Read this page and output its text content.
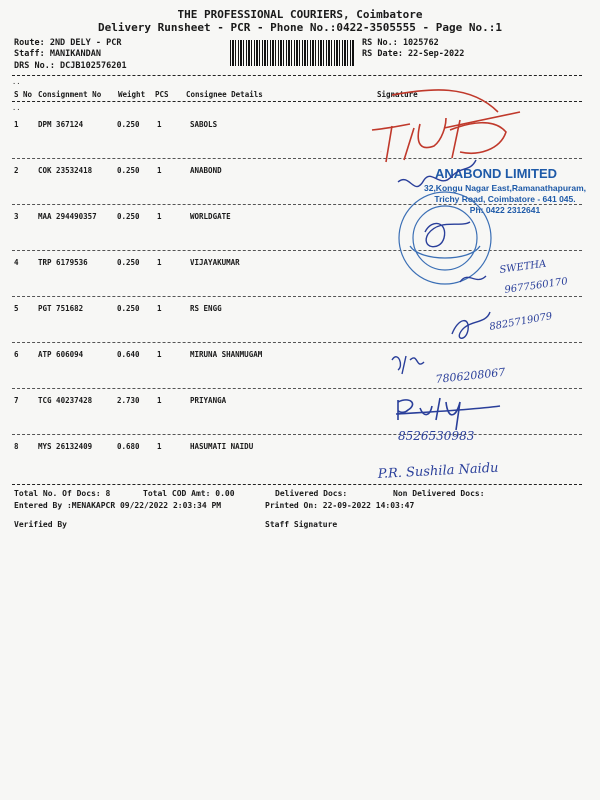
THE PROFESSIONAL COURIERS, Coimbatore
Delivery Runsheet - PCR - Phone No.:0422-3505555 - Page No.:1
Route: 2ND DELY - PCR
Staff: MANIKANDAN
DRS No.: DCJB102576201
RS No.: 1025762
RS Date: 22-Sep-2022
..
S No Consignment No Weight PCS Consignee Details	Signature
..
1	DPM 367124	0.250 1	SABOLS
2	COK 23532418	0.250 1	ANABOND
3	MAA 294490357	0.250 1	WORLDGATE
4	TRP 6179536	0.250 1	VIJAYAKUMAR
5	PGT 751682	0.250 1	RS ENGG
6	ATP 606094	0.640 1	MIRUNA SHANMUGAM
7	TCG 40237428	2.730 1	PRIYANGA
8	MYS 26132409	0.680 1	HASUMATI NAIDU
ANABOND LIMITED
32,Kongu Nagar East,Ramanathapuram,
Trichy Road, Coimbatore - 641 045.
Ph: 0422 2312641
T/U
SWETHA
9677560170
8825719079
7806208067
8526530983
P.R. Sushila Naidu
Total No. Of Docs: 8	Total COD Amt: 0.00	Delivered Docs:	Non Delivered Docs:
Entered By :MENAKAPCR 09/22/2022 2:03:34 PM	Printed On: 22-09-2022 14:03:47
Verified By	Staff Signature
